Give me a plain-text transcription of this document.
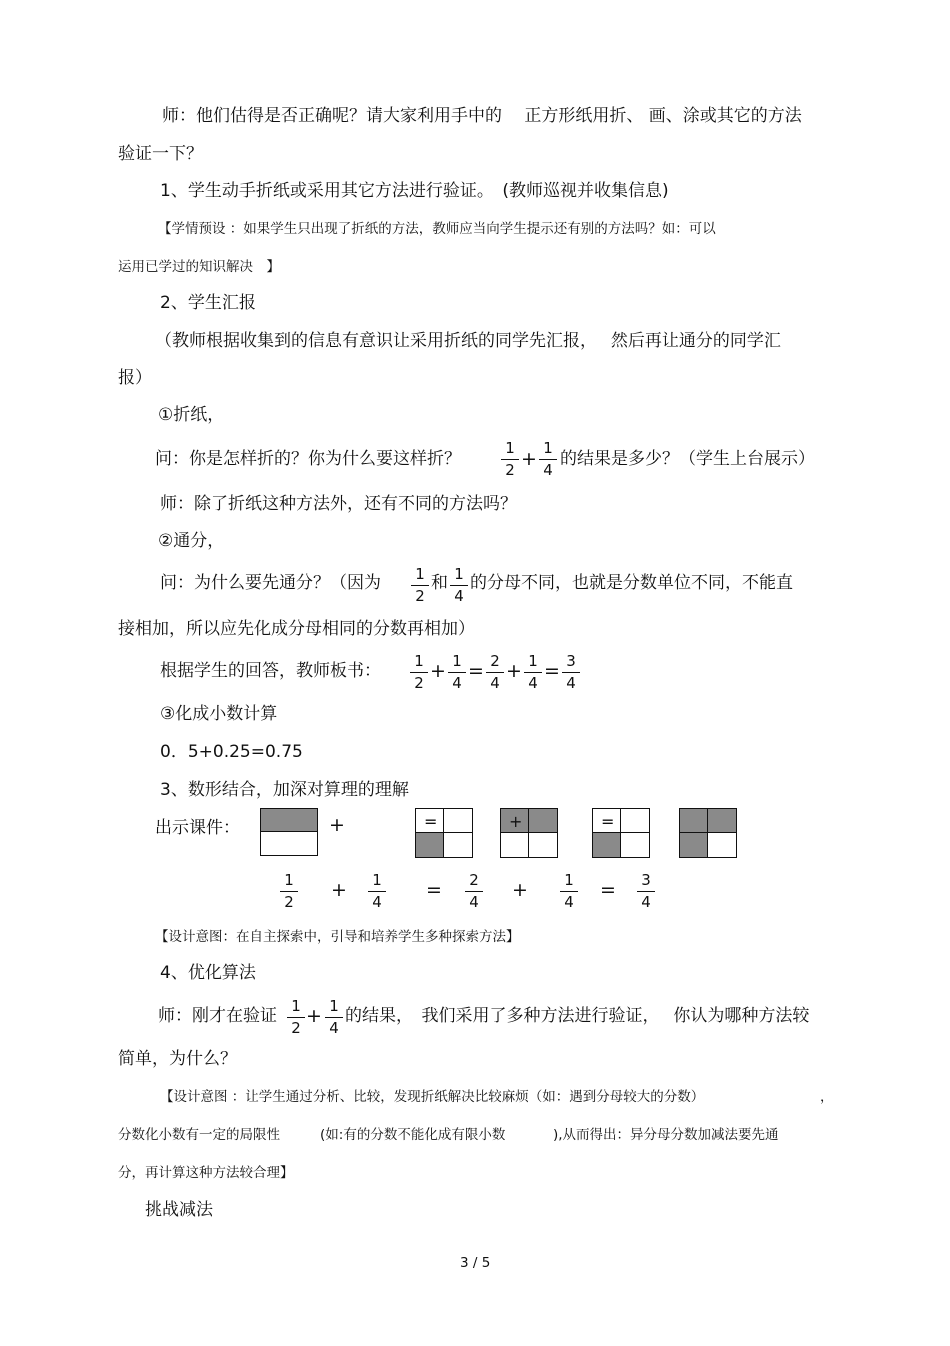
师：他们估得是否正确呢？请大家利用手中的　 正方形纸用折、 画、涂或其它的方法
验证一下？
1、学生动手折纸或采用其它方法进行验证。　(教师巡视并收集信息)
【学情预设 ：如果学生只出现了折纸的方法，教师应当向学生提示还有别的方法吗？如：可以
运用已学过的知识解决　】
2、学生汇报
（教师根据收集到的信息有意识让采用折纸的同学先汇报，　 然后再让通分的同学汇
报）
①折纸，
问：你是怎样折的？你为什么要这样折？
1
2 + 1
4
的结果是多少？（学生上台展示）
师：除了折纸这种方法外，还有不同的方法吗？
②通分，
问：为什么要先通分？（因为 1
2
和 1
4
的分母不同，也就是分数单位不同，不能直
接相加，所以应先化成分母相同的分数再相加）
根据学生的回答，教师板书： 1
2
+ 1
4
= 2
4
+ 1
4
= 3
4
③化成小数计算
0．5+0.25=0.75
3、数形结合，加深对算理的理解
出示课件：	+	=	+	=
1
2
+ 1
4
= 2
4
+ 1
4
= 3
4
【设计意图：在自主探索中，引导和培养学生多种探索方法】
4、优化算法
师：刚才在验证 1
2
+ 1
4
的结果，　我们采用了多种方法进行验证，　 你认为哪种方法较
简单，为什么？
【设计意图 ：让学生通过分析、比较，发现折纸解决比较麻烦（如：遇到分母较大的分数）	，
分数化小数有一定的局限性	(如:有的分数不能化成有限小数	),从而得出：异分母分数加减法要先通
分，再计算这种方法较合理】
挑战减法
3 / 5
